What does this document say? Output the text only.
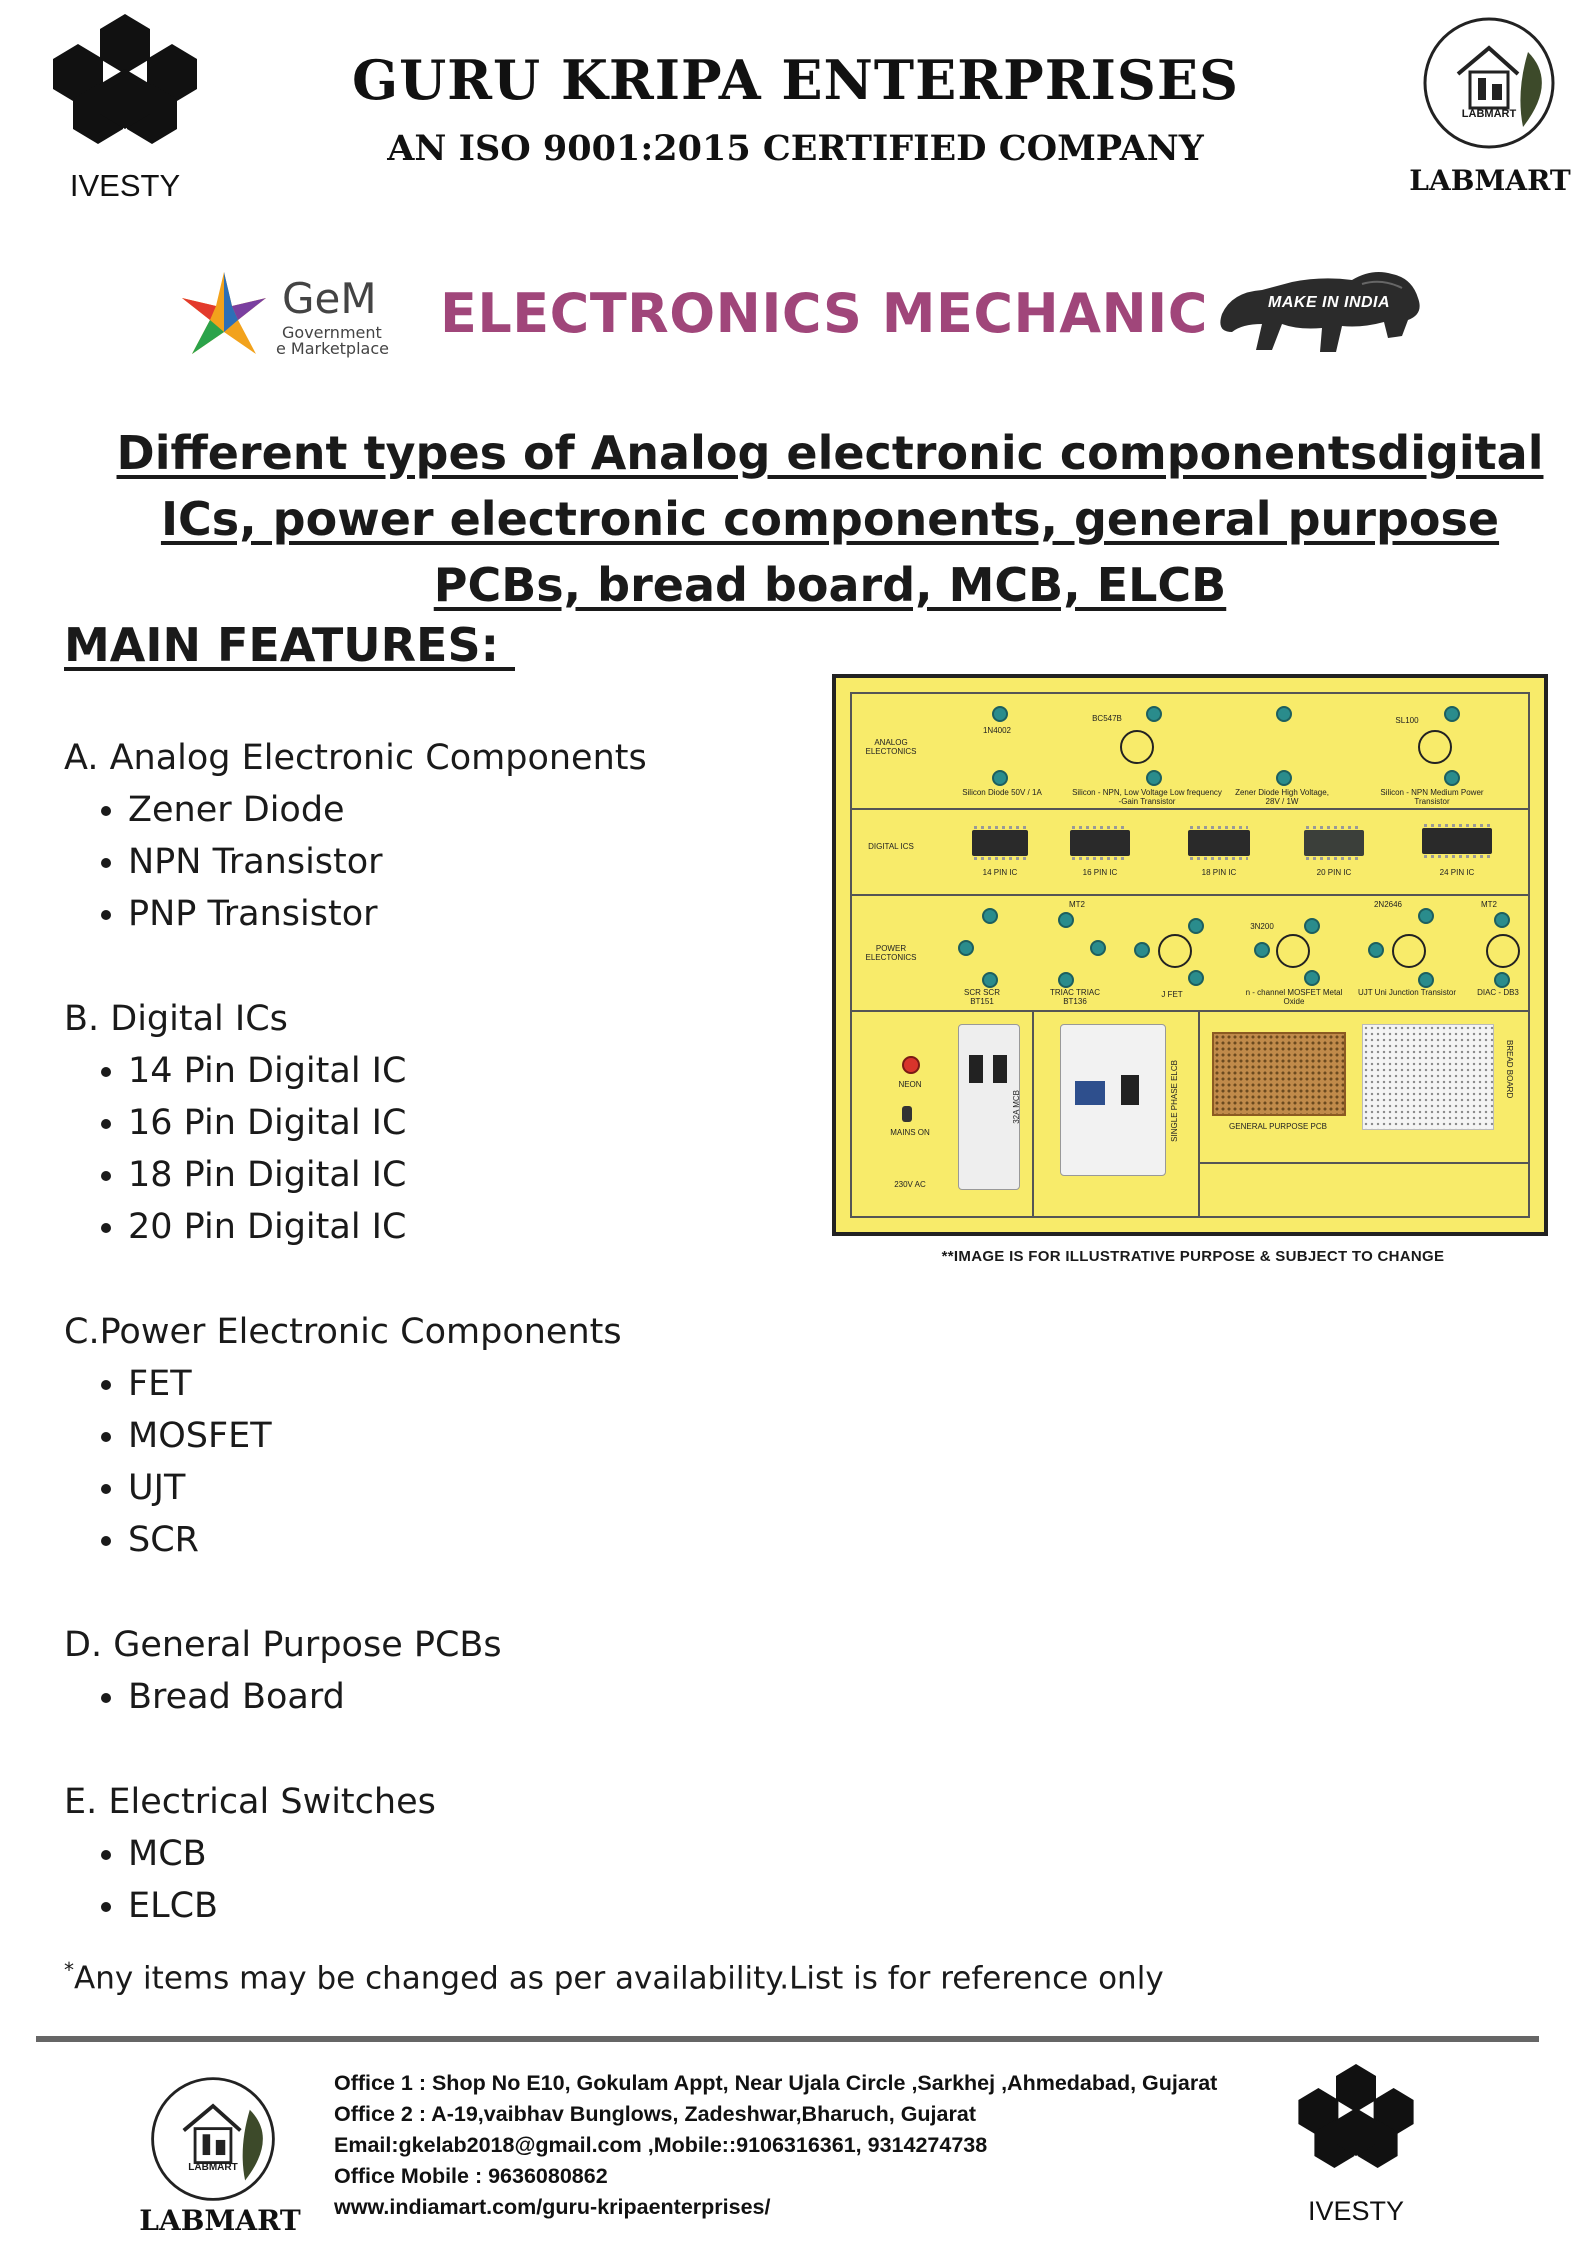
IVESTY
GURU KRIPA ENTERPRISES
AN ISO 9001:2015 CERTIFIED COMPANY
LABMART
LABMART
GeM
Government
e Marketplace
ELECTRONICS MECHANIC	MAKE IN INDIA
Different types of Analog electronic componentsdigital ICs, power electronic components, general purpose PCBs, bread board, MCB, ELCB
MAIN FEATURES:
A. Analog Electronic Components
• Zener Diode
• NPN Transistor
• PNP Transistor
B. Digital ICs
• 14 Pin Digital IC
• 16 Pin Digital IC
• 18 Pin Digital IC
• 20 Pin Digital IC
C.Power Electronic Components
• FET
• MOSFET
• UJT
• SCR
D. General Purpose PCBs
• Bread Board
E. Electrical Switches
• MCB
• ELCB
ANALOG ELECTONICS
1N4002
Silicon Diode 50V / 1A
BC547B
Silicon - NPN, Low Voltage Low frequency -Gain Transistor
Zener Diode High Voltage, 28V / 1W
SL100
Silicon - NPN Medium Power Transistor
DIGITAL ICS
14 PIN IC	16 PIN IC	18 PIN IC	20 PIN IC	24 PIN IC
POWER ELECTONICS
SCR SCR BT151
MT2
TRIAC TRIAC BT136
J FET
3N200
n - channel MOSFET Metal Oxide
2N2646
UJT Uni Junction Transistor
MT2
DIAC - DB3
NEON
MAINS ON
230V AC
32A MCB	SINGLE PHASE ELCB	GENERAL PURPOSE PCB
BREAD BOARD
**IMAGE IS FOR ILLUSTRATIVE PURPOSE & SUBJECT TO CHANGE
*Any items may be changed as per availability.List is for reference only
LABMART
LABMART
Office 1 : Shop No E10, Gokulam Appt, Near Ujala Circle ,Sarkhej ,Ahmedabad, Gujarat
Office 2 : A-19,vaibhav Bunglows, Zadeshwar,Bharuch, Gujarat
Email:gkelab2018@gmail.com ,Mobile::9106316361, 9314274738
Office Mobile : 9636080862
www.indiamart.com/guru-kripaenterprises/	IVESTY
